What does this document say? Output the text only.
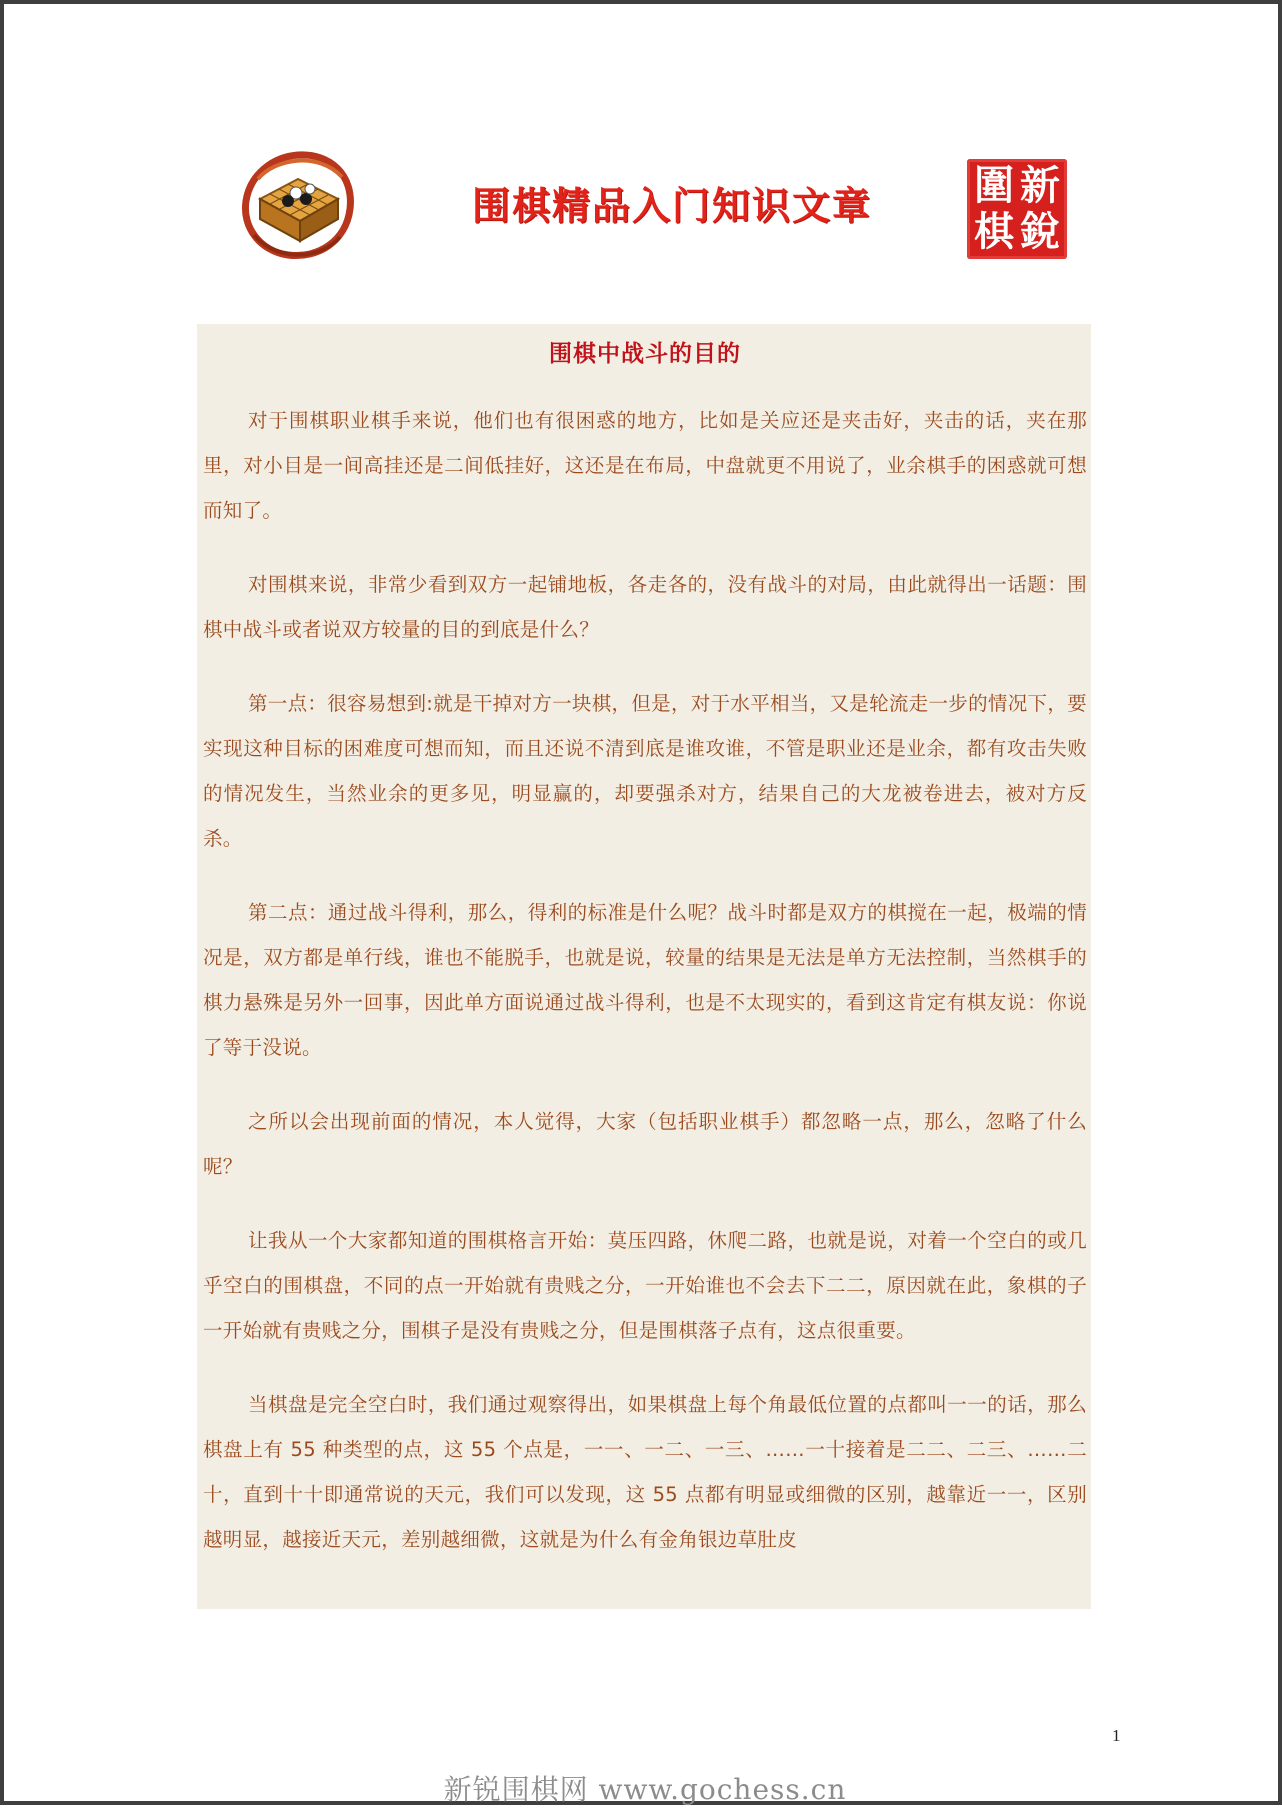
围棋精品入门知识文章	圍 新
棋 銳
围棋中战斗的目的

对于围棋职业棋手来说，他们也有很困惑的地方，比如是关应还是夹击好，夹击的话，夹在那里，对小目是一间高挂还是二间低挂好，这还是在布局，中盘就更不用说了，业余棋手的困惑就可想而知了。

对围棋来说，非常少看到双方一起铺地板，各走各的，没有战斗的对局，由此就得出一话题：围棋中战斗或者说双方较量的目的到底是什么？

第一点：很容易想到:就是干掉对方一块棋，但是，对于水平相当，又是轮流走一步的情况下，要实现这种目标的困难度可想而知，而且还说不清到底是谁攻谁，不管是职业还是业余，都有攻击失败的情况发生，当然业余的更多见，明显赢的，却要强杀对方，结果自己的大龙被卷进去，被对方反杀。

第二点：通过战斗得利，那么，得利的标准是什么呢？战斗时都是双方的棋搅在一起，极端的情况是，双方都是单行线，谁也不能脱手，也就是说，较量的结果是无法是单方无法控制，当然棋手的棋力悬殊是另外一回事，因此单方面说通过战斗得利，也是不太现实的，看到这肯定有棋友说：你说了等于没说。

之所以会出现前面的情况，本人觉得，大家（包括职业棋手）都忽略一点，那么，忽略了什么呢？

让我从一个大家都知道的围棋格言开始：莫压四路，休爬二路，也就是说，对着一个空白的或几乎空白的围棋盘，不同的点一开始就有贵贱之分，一开始谁也不会去下二二，原因就在此，象棋的子一开始就有贵贱之分，围棋子是没有贵贱之分，但是围棋落子点有，这点很重要。

当棋盘是完全空白时，我们通过观察得出，如果棋盘上每个角最低位置的点都叫一一的话，那么棋盘上有 55 种类型的点，这 55 个点是，一一、一二、一三、……一十接着是二二、二三、……二十，直到十十即通常说的天元，我们可以发现，这 55 点都有明显或细微的区别，越靠近一一，区别越明显，越接近天元，差别越细微，这就是为什么有金角银边草肚皮

1
新锐围棋网 www.gochess.cn
